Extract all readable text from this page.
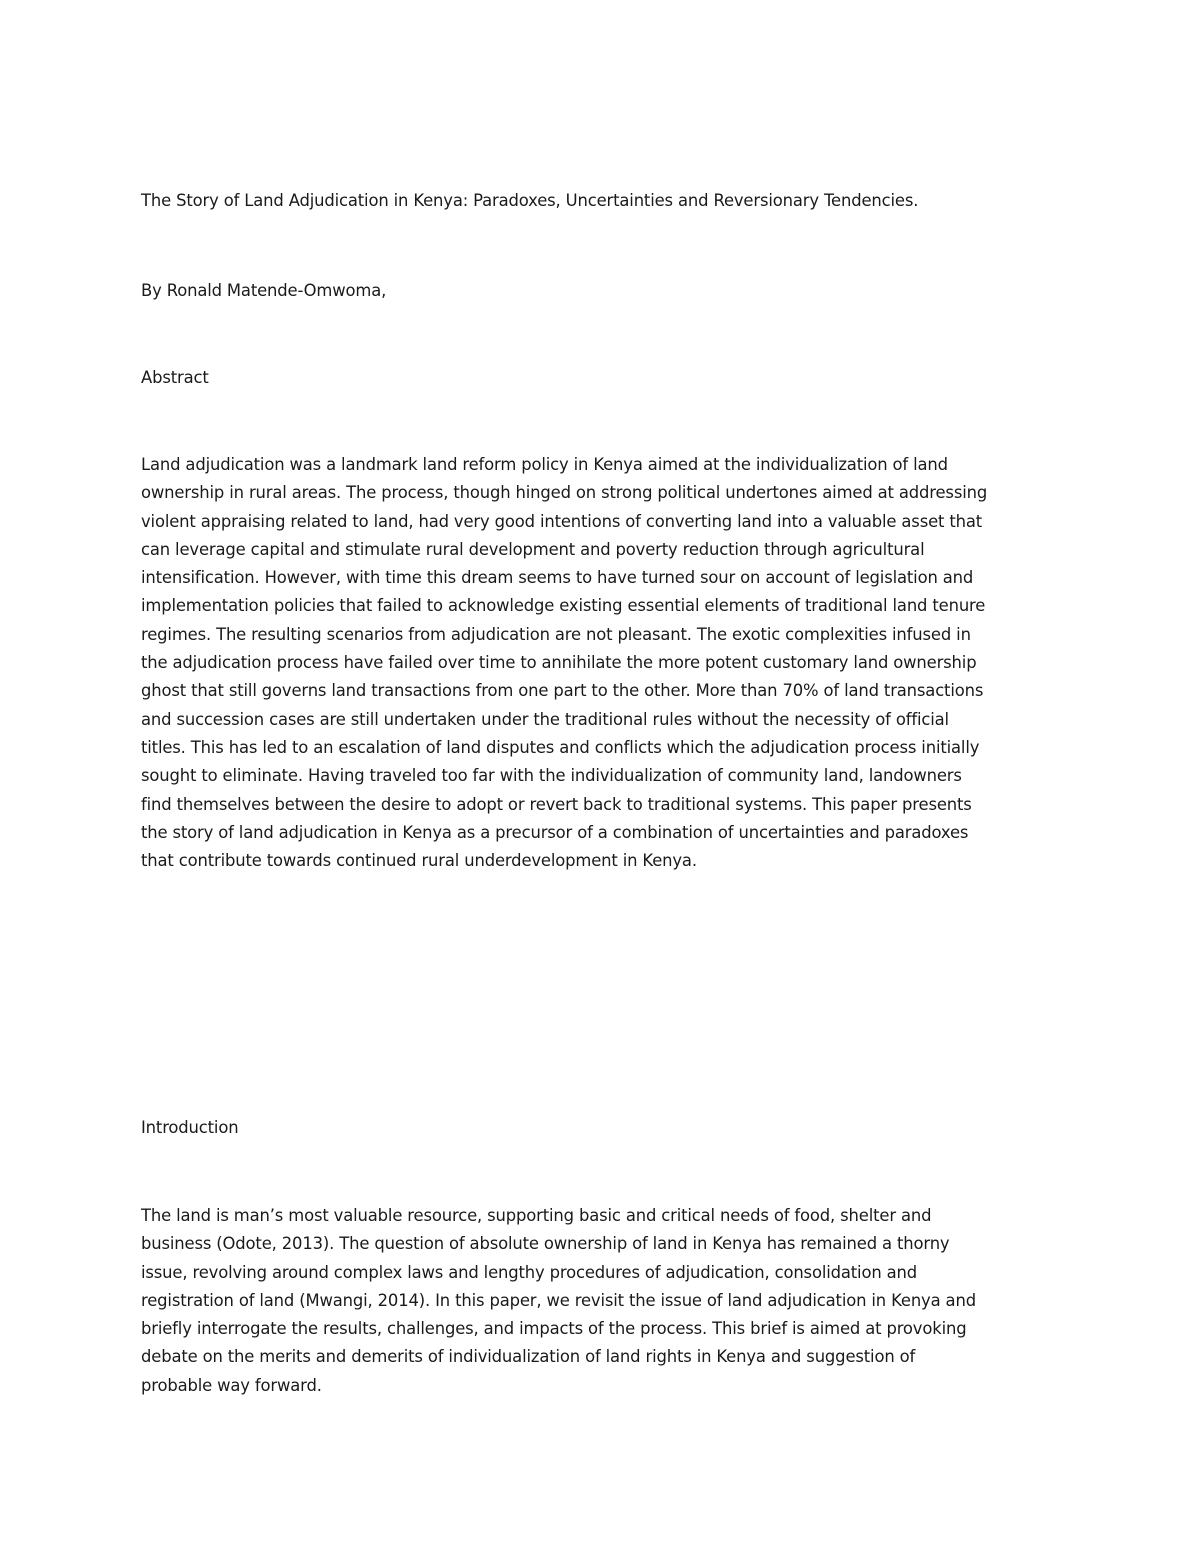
The Story of Land Adjudication in Kenya: Paradoxes, Uncertainties and Reversionary Tendencies.

By Ronald Matende-Omwoma,

Abstract

Land adjudication was a landmark land reform policy in Kenya aimed at the individualization of land
ownership in rural areas. The process, though hinged on strong political undertones aimed at addressing
violent appraising related to land, had very good intentions of converting land into a valuable asset that
can leverage capital and stimulate rural development and poverty reduction through agricultural
intensification. However, with time this dream seems to have turned sour on account of legislation and
implementation policies that failed to acknowledge existing essential elements of traditional land tenure
regimes. The resulting scenarios from adjudication are not pleasant. The exotic complexities infused in
the adjudication process have failed over time to annihilate the more potent customary land ownership
ghost that still governs land transactions from one part to the other. More than 70% of land transactions
and succession cases are still undertaken under the traditional rules without the necessity of official
titles. This has led to an escalation of land disputes and conflicts which the adjudication process initially
sought to eliminate. Having traveled too far with the individualization of community land, landowners
find themselves between the desire to adopt or revert back to traditional systems. This paper presents
the story of land adjudication in Kenya as a precursor of a combination of uncertainties and paradoxes
that contribute towards continued rural underdevelopment in Kenya.

Introduction

The land is man’s most valuable resource, supporting basic and critical needs of food, shelter and
business (Odote, 2013). The question of absolute ownership of land in Kenya has remained a thorny
issue, revolving around complex laws and lengthy procedures of adjudication, consolidation and
registration of land (Mwangi, 2014). In this paper, we revisit the issue of land adjudication in Kenya and
briefly interrogate the results, challenges, and impacts of the process. This brief is aimed at provoking
debate on the merits and demerits of individualization of land rights in Kenya and suggestion of
probable way forward.
